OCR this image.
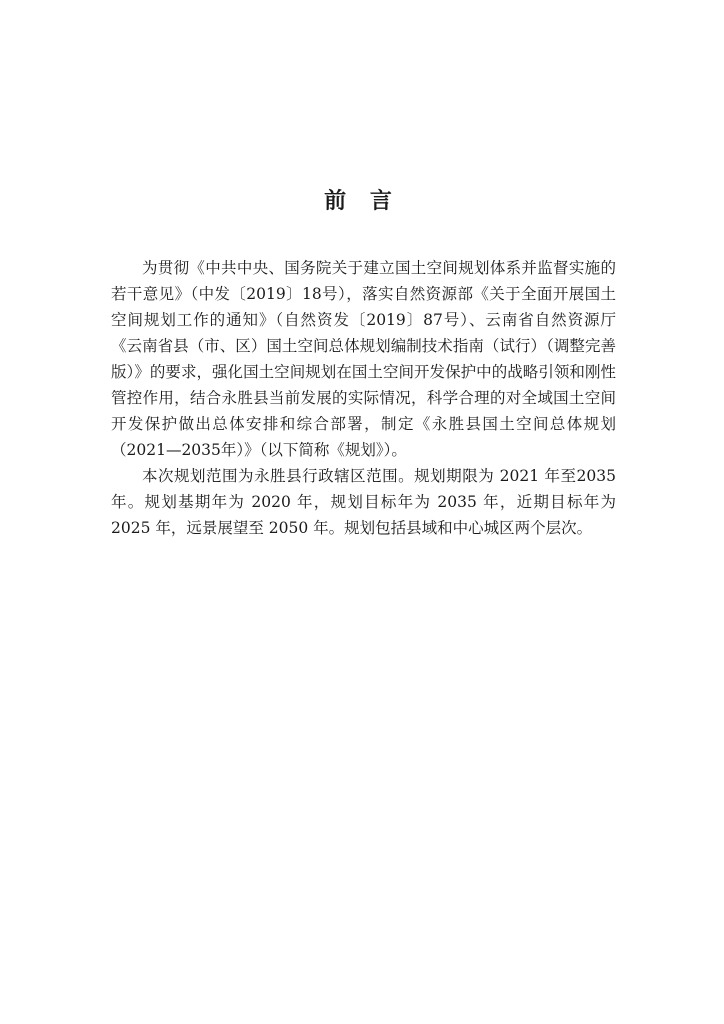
前 言

为贯彻《中共中央、国务院关于建立国土空间规划体系并监督实施的若干意见》（中发〔2019〕18号），落实自然资源部《关于全面开展国土空间规划工作的通知》（自然资发〔2019〕87号）、云南省自然资源厅《云南省县（市、区）国土空间总体规划编制技术指南（试行）（调整完善版）》的要求，强化国土空间规划在国土空间开发保护中的战略引领和刚性管控作用，结合永胜县当前发展的实际情况，科学合理的对全域国土空间开发保护做出总体安排和综合部署，制定《永胜县国土空间总体规划（2021—2035年）》（以下简称《规划》）。

本次规划范围为永胜县行政辖区范围。规划期限为 2021 年至2035 年。规划基期年为 2020 年，规划目标年为 2035 年，近期目标年为 2025 年，远景展望至 2050 年。规划包括县域和中心城区两个层次。
